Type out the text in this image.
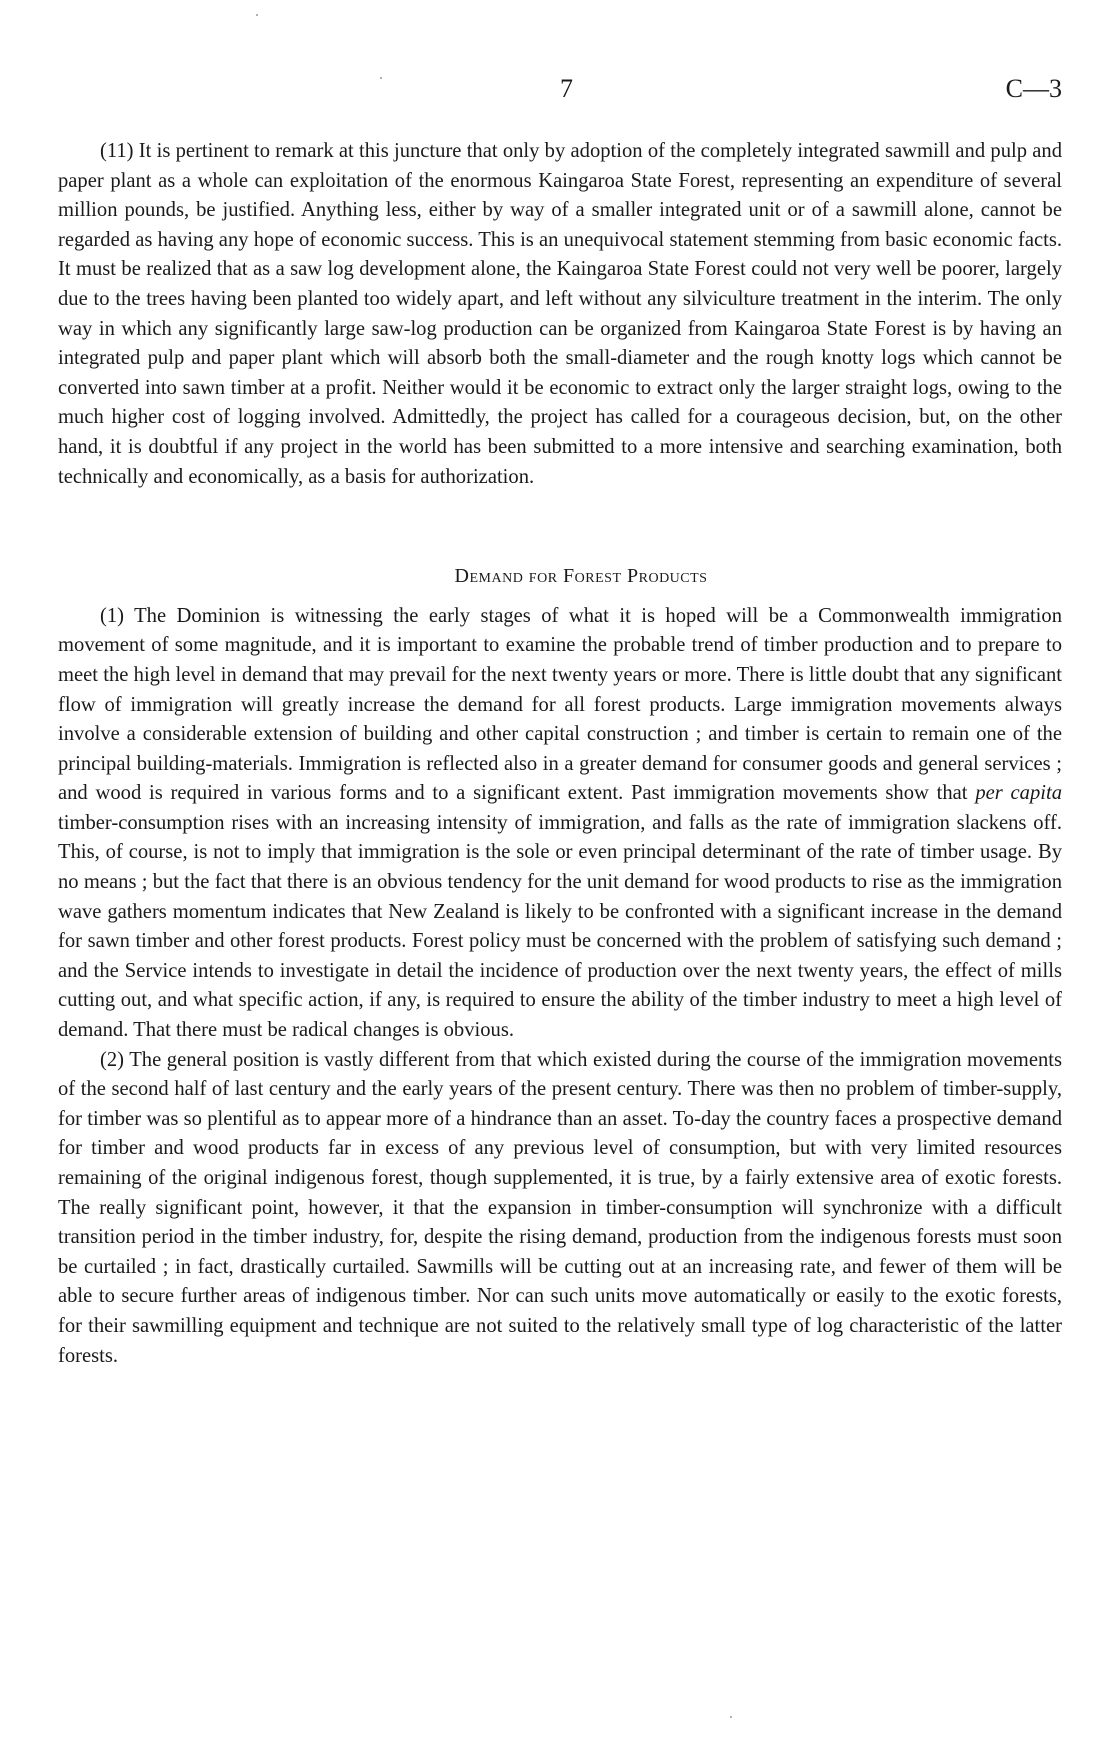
7	C—3

(11) It is pertinent to remark at this juncture that only by adoption of the completely integrated sawmill and pulp and paper plant as a whole can exploitation of the enormous Kaingaroa State Forest, representing an expenditure of several million pounds, be justified. Anything less, either by way of a smaller integrated unit or of a sawmill alone, cannot be regarded as having any hope of economic success. This is an unequivocal statement stemming from basic economic facts. It must be realized that as a saw log development alone, the Kaingaroa State Forest could not very well be poorer, largely due to the trees having been planted too widely apart, and left without any silviculture treatment in the interim. The only way in which any significantly large saw-log production can be organized from Kaingaroa State Forest is by having an integrated pulp and paper plant which will absorb both the small-diameter and the rough knotty logs which cannot be converted into sawn timber at a profit. Neither would it be economic to extract only the larger straight logs, owing to the much higher cost of logging involved. Admittedly, the project has called for a courageous decision, but, on the other hand, it is doubtful if any project in the world has been submitted to a more intensive and searching examination, both technically and economically, as a basis for authorization.

Demand for Forest Products

(1) The Dominion is witnessing the early stages of what it is hoped will be a Commonwealth immigration movement of some magnitude, and it is important to examine the probable trend of timber production and to prepare to meet the high level in demand that may prevail for the next twenty years or more. There is little doubt that any significant flow of immigration will greatly increase the demand for all forest products. Large immigration movements always involve a considerable extension of building and other capital construction ; and timber is certain to remain one of the principal building-materials. Immigration is reflected also in a greater demand for consumer goods and general services ; and wood is required in various forms and to a significant extent. Past immigration movements show that per capita timber-consumption rises with an increasing intensity of immigration, and falls as the rate of immigration slackens off. This, of course, is not to imply that immigration is the sole or even principal determinant of the rate of timber usage. By no means ; but the fact that there is an obvious tendency for the unit demand for wood products to rise as the immigration wave gathers momentum indicates that New Zealand is likely to be confronted with a significant increase in the demand for sawn timber and other forest products. Forest policy must be concerned with the problem of satisfying such demand ; and the Service intends to investigate in detail the incidence of production over the next twenty years, the effect of mills cutting out, and what specific action, if any, is required to ensure the ability of the timber industry to meet a high level of demand. That there must be radical changes is obvious.

(2) The general position is vastly different from that which existed during the course of the immigration movements of the second half of last century and the early years of the present century. There was then no problem of timber-supply, for timber was so plentiful as to appear more of a hindrance than an asset. To-day the country faces a prospective demand for timber and wood products far in excess of any previous level of consumption, but with very limited resources remaining of the original indigenous forest, though supplemented, it is true, by a fairly extensive area of exotic forests. The really significant point, however, it that the expansion in timber-consumption will synchronize with a difficult transition period in the timber industry, for, despite the rising demand, production from the indigenous forests must soon be curtailed ; in fact, drastically curtailed. Sawmills will be cutting out at an increasing rate, and fewer of them will be able to secure further areas of indigenous timber. Nor can such units move automatically or easily to the exotic forests, for their sawmilling equipment and technique are not suited to the relatively small type of log characteristic of the latter forests.
